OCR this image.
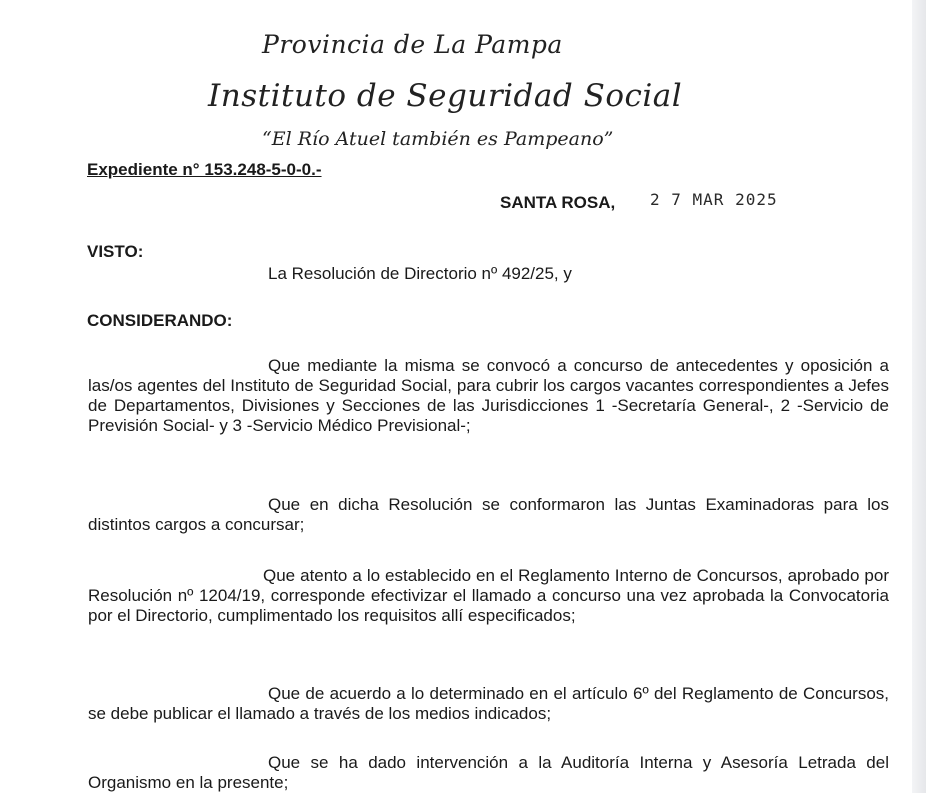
Provincia de La Pampa
Instituto de Seguridad Social
“El Río Atuel también es Pampeano”
Expediente n° 153.248-5-0-0.-
SANTA ROSA, 2 7 MAR 2025
VISTO:
La Resolución de Directorio nº 492/25, y
CONSIDERANDO:
Que mediante la misma se convocó a concurso de antecedentes y oposición a las/os agentes del Instituto de Seguridad Social, para cubrir los cargos vacantes correspondientes a Jefes de Departamentos, Divisiones y Secciones de las Jurisdicciones 1 -Secretaría General-, 2 -Servicio de Previsión Social- y 3 -Servicio Médico Previsional-;
Que en dicha Resolución se conformaron las Juntas Examinadoras para los distintos cargos a concursar;
Que atento a lo establecido en el Reglamento Interno de Concursos, aprobado por Resolución nº 1204/19, corresponde efectivizar el llamado a concurso una vez aprobada la Convocatoria por el Directorio, cumplimentado los requisitos allí especificados;
Que de acuerdo a lo determinado en el artículo 6º del Reglamento de Concursos, se debe publicar el llamado a través de los medios indicados;
Que se ha dado intervención a la Auditoría Interna y Asesoría Letrada del Organismo en la presente;
